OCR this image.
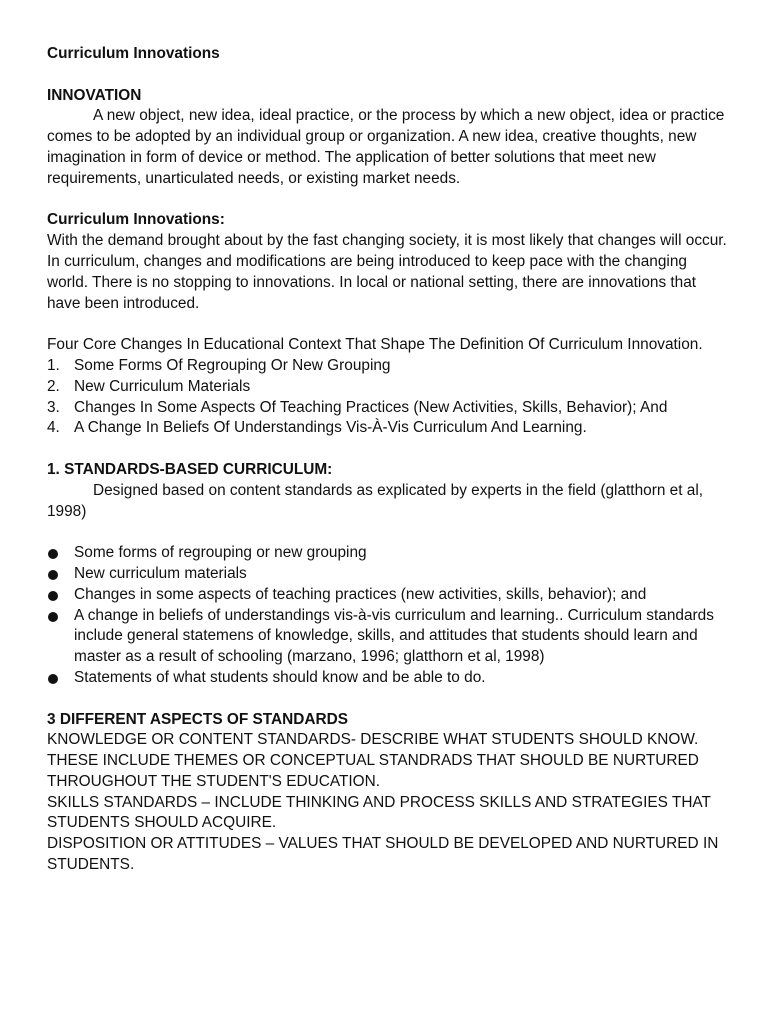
Curriculum Innovations

INNOVATION

A new object, new idea, ideal practice, or the process by which a new object, idea or practice comes to be adopted by an individual group or organization. A new idea, creative thoughts, new imagination in form of device or method. The application of better solutions that meet new requirements, unarticulated needs, or existing market needs.

Curriculum Innovations:

With the demand brought about by the fast changing society, it is most likely that changes will occur. In curriculum, changes and modifications are being introduced to keep pace with the changing world. There is no stopping to innovations. In local or national setting, there are innovations that have been introduced.

Four Core Changes In Educational Context That Shape The Definition Of Curriculum Innovation.

1. Some Forms Of Regrouping Or New Grouping
2. New Curriculum Materials
3. Changes In Some Aspects Of Teaching Practices (New Activities, Skills, Behavior); And
4. A Change In Beliefs Of Understandings Vis-À-Vis Curriculum And Learning.

1. STANDARDS-BASED CURRICULUM:

Designed based on content standards as explicated by experts in the field (glatthorn et al, 1998)

Some forms of regrouping or new grouping
New curriculum materials
Changes in some aspects of teaching practices (new activities, skills, behavior); and
A change in beliefs of understandings vis-à-vis curriculum and learning.. Curriculum standards include general statemens of knowledge, skills, and attitudes that students should learn and master as a result of schooling (marzano, 1996; glatthorn et al, 1998)
Statements of what students should know and be able to do.

3 DIFFERENT ASPECTS OF STANDARDS

KNOWLEDGE OR CONTENT STANDARDS- DESCRIBE WHAT STUDENTS SHOULD KNOW. THESE INCLUDE THEMES OR CONCEPTUAL STANDRADS THAT SHOULD BE NURTURED THROUGHOUT THE STUDENT'S EDUCATION.

SKILLS STANDARDS – INCLUDE THINKING AND PROCESS SKILLS AND STRATEGIES THAT STUDENTS SHOULD ACQUIRE.

DISPOSITION OR ATTITUDES – VALUES THAT SHOULD BE DEVELOPED AND NURTURED IN STUDENTS.
